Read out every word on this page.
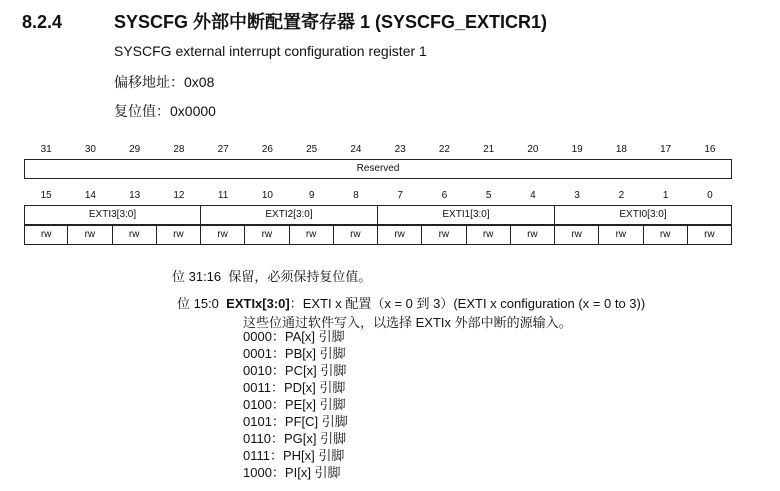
8.2.4	SYSCFG 外部中断配置寄存器 1 (SYSCFG_EXTICR1)
SYSCFG external interrupt configuration register 1
偏移地址：0x08
复位值：0x0000
31	30	29	28	27	26	25	24	23	22	21	20	19	18	17	16
Reserved
15	14	13	12	11	10	9	8	7	6	5	4	3	2	1	0
EXTI3[3:0]	EXTI2[3:0]	EXTI1[3:0]	EXTI0[3:0]
rw	rw	rw	rw	rw	rw	rw	rw	rw	rw	rw	rw	rw	rw	rw	rw
位 31:16 保留，必须保持复位值。
位 15:0 EXTIx[3:0]：EXTI x 配置（x = 0 到 3）(EXTI x configuration (x = 0 to 3))
这些位通过软件写入，以选择 EXTIx 外部中断的源输入。
0000：PA[x] 引脚
0001：PB[x] 引脚
0010：PC[x] 引脚
0011：PD[x] 引脚
0100：PE[x] 引脚
0101：PF[C] 引脚
0110：PG[x] 引脚
0111：PH[x] 引脚
1000：PI[x] 引脚
